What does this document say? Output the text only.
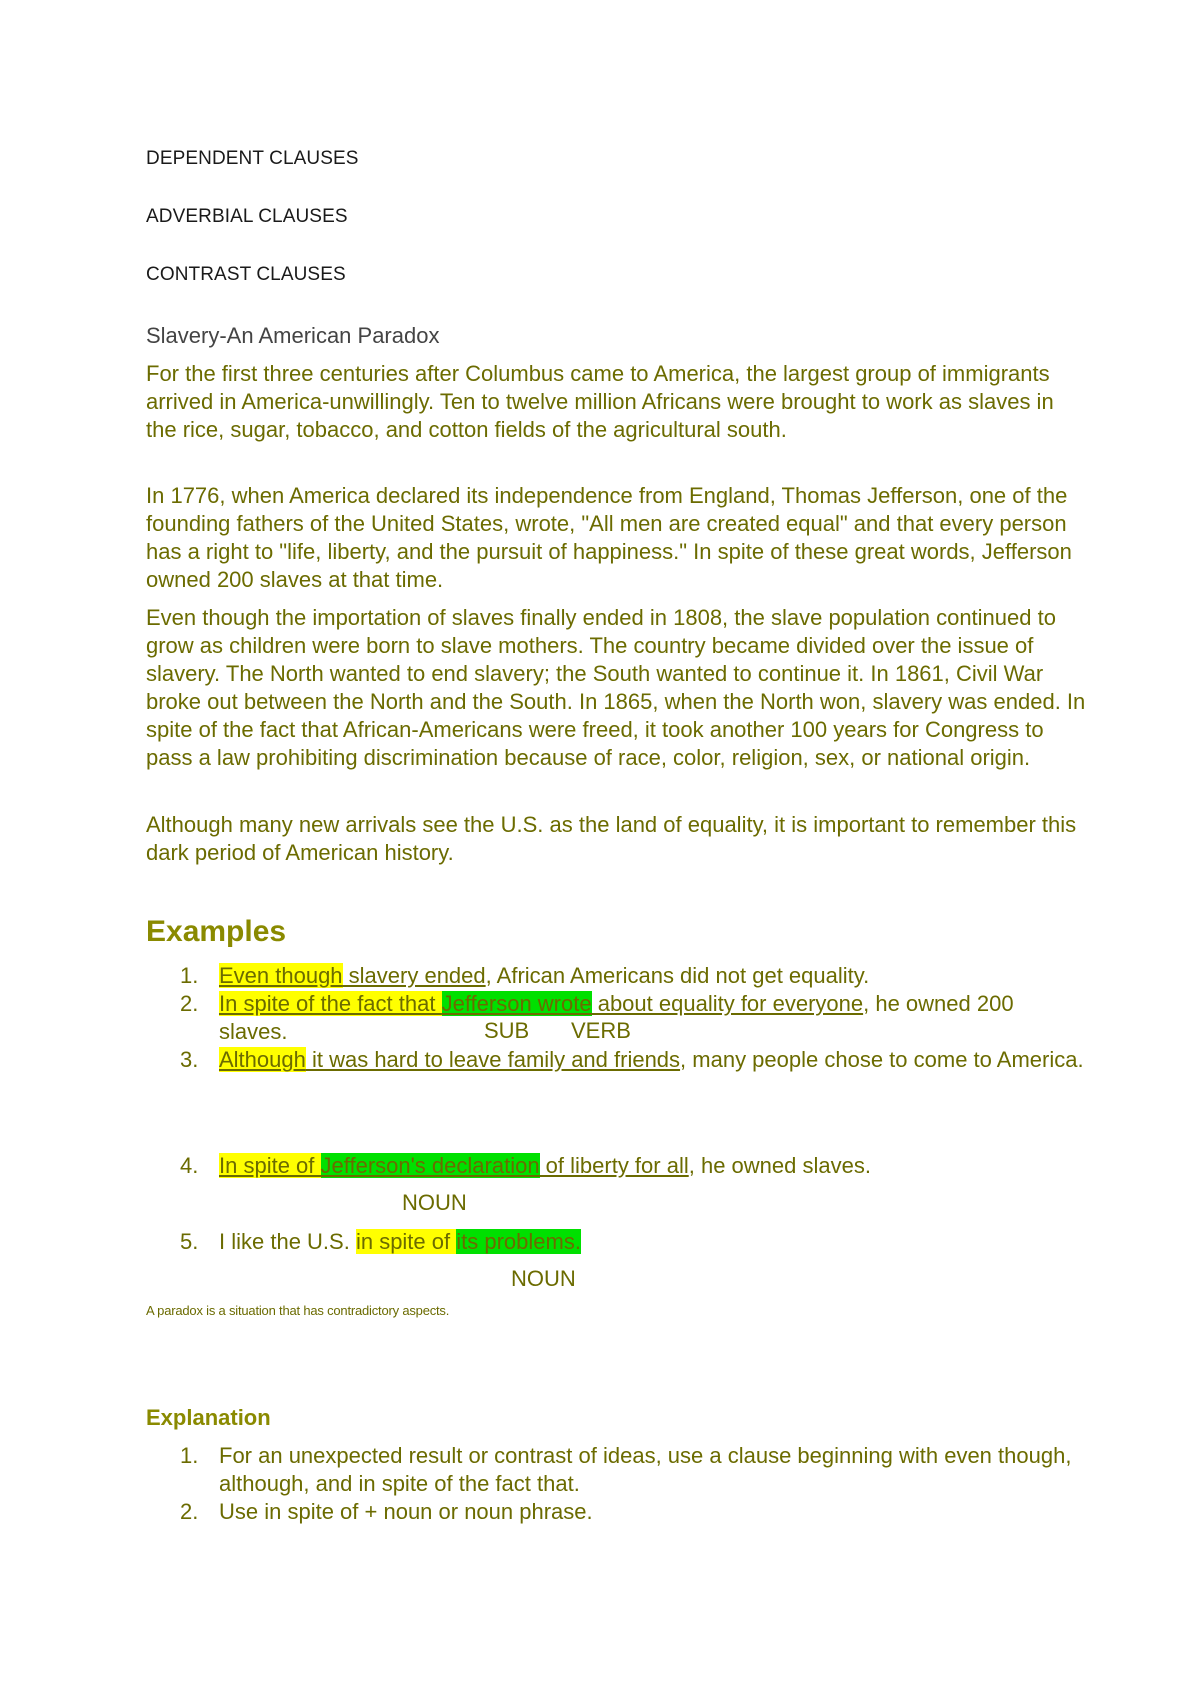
DEPENDENT CLAUSES
ADVERBIAL CLAUSES
CONTRAST CLAUSES
Slavery-An American Paradox
For the first three centuries after Columbus came to America, the largest group of immigrants arrived in America-unwillingly. Ten to twelve million Africans were brought to work as slaves in the rice, sugar, tobacco, and cotton fields of the agricultural south.
In 1776, when America declared its independence from England, Thomas Jefferson, one of the founding fathers of the United States, wrote, "All men are created equal" and that every person has a right to "life, liberty, and the pursuit of happiness." In spite of these great words, Jefferson owned 200 slaves at that time.
Even though the importation of slaves finally ended in 1808, the slave population continued to grow as children were born to slave mothers. The country became divided over the issue of slavery. The North wanted to end slavery; the South wanted to continue it. In 1861, Civil War broke out between the North and the South. In 1865, when the North won, slavery was ended. In spite of the fact that African-Americans were freed, it took another 100 years for Congress to pass a law prohibiting discrimination because of race, color, religion, sex, or national origin.
Although many new arrivals see the U.S. as the land of equality, it is important to remember this dark period of American history.
Examples
1. Even though slavery ended, African Americans did not get equality.
2. In spite of the fact that Jefferson wrote about equality for everyone, he owned 200 slaves.
3. Although it was hard to leave family and friends, many people chose to come to America.
SUB VERB
4. In spite of Jefferson's declaration of liberty for all, he owned slaves.
NOUN
5. I like the U.S. in spite of its problems.
NOUN
A paradox is a situation that has contradictory aspects.
Explanation
1. For an unexpected result or contrast of ideas, use a clause beginning with even though, although, and in spite of the fact that.
2. Use in spite of + noun or noun phrase.
